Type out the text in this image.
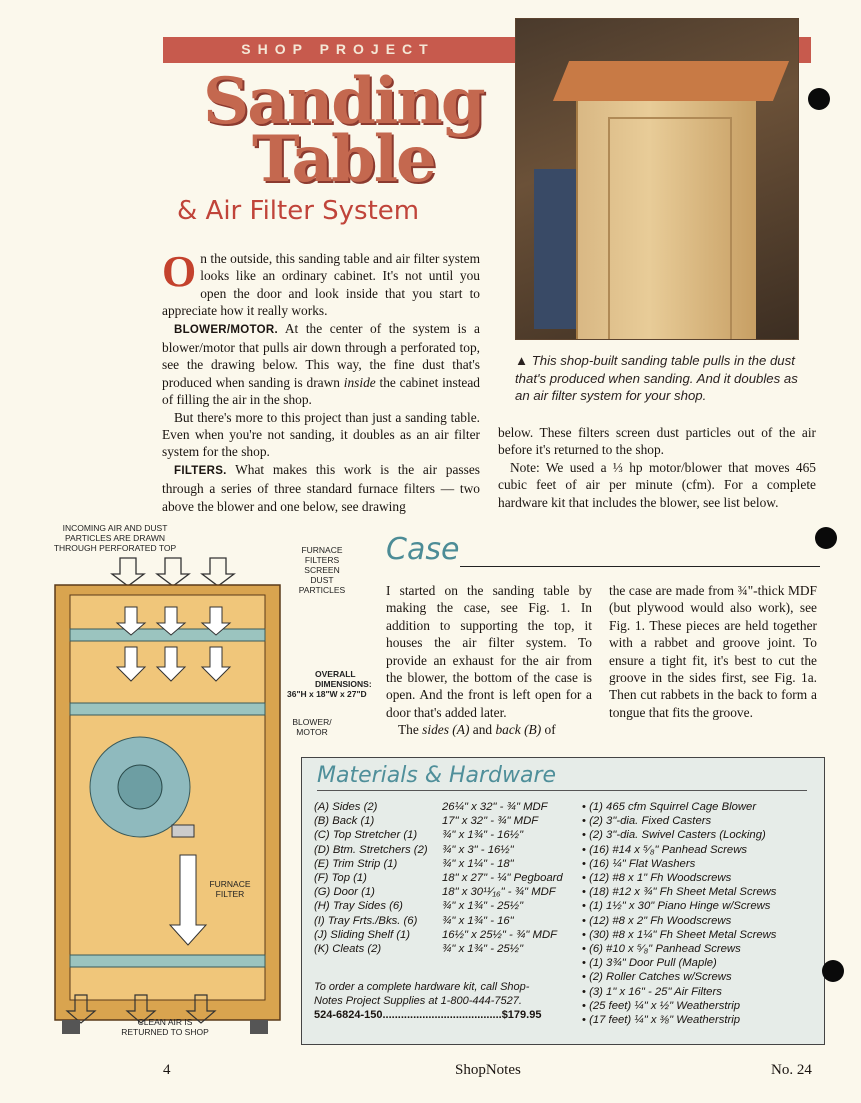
SHOP PROJECT
Sanding
Table
& Air Filter System
▲ This shop-built sanding table pulls in the dust that's produced when sanding. And it doubles as an air filter system for your shop.

On the outside, this sanding table and air filter system looks like an ordinary cabinet. It's not until you open the door and look inside that you start to appreciate how it really works.

BLOWER/MOTOR. At the center of the system is a blower/motor that pulls air down through a perforated top, see the drawing below. This way, the fine dust that's produced when sanding is drawn inside the cabinet instead of filling the air in the shop.

But there's more to this project than just a sanding table. Even when you're not sanding, it doubles as an air filter system for the shop.

FILTERS. What makes this work is the air passes through a series of three standard furnace filters — two above the blower and one below, see drawing

below. These filters screen dust particles out of the air before it's returned to the shop.

Note: We used a ⅓ hp motor/blower that moves 465 cubic feet of air per minute (cfm). For a complete hardware kit that includes the blower, see list below.

INCOMING AIR AND DUST
PARTICLES ARE DRAWN
THROUGH PERFORATED TOP	FURNACE
FILTERS
SCREEN
DUST
PARTICLES
OVERALL
DIMENSIONS:
36"H x 18"W x 27"D
BLOWER/
MOTOR
FURNACE
FILTER
CLEAN AIR IS
RETURNED TO SHOP
Case

I started on the sanding table by making the case, see Fig. 1. In addition to supporting the top, it houses the air filter system. To provide an exhaust for the air from the blower, the bottom of the case is open. And the front is left open for a door that's added later.

The sides (A) and back (B) of

the case are made from ¾"-thick MDF (but plywood would also work), see Fig. 1. These pieces are held together with a rabbet and groove joint. To ensure a tight fit, it's best to cut the groove in the sides first, see Fig. 1a. Then cut rabbets in the back to form a tongue that fits the groove.

Materials & Hardware
(A) Sides (2)	26¼" x 32" - ¾" MDF
(B) Back (1)	17" x 32" - ¾" MDF
(C) Top Stretcher (1) ¾" x 1¾" - 16½"
(D) Btm. Stretchers (2) ¾" x 3" - 16½"
(E) Trim Strip (1)	¾" x 1¼" - 18"
(F) Top (1)	18" x 27" - ¼" Pegboard
(G) Door (1)	18" x 30¹¹⁄₁₆" - ¾" MDF
(H) Tray Sides (6)	¾" x 1¾" - 25½"
(I) Tray Frts./Bks. (6) ¾" x 1¾" - 16"
(J) Sliding Shelf (1)	16½" x 25½" - ¾" MDF
(K) Cleats (2)	¾" x 1¾" - 25½"
To order a complete hardware kit, call Shop-
Notes Project Supplies at 1-800-444-7527.
524-6824-150.......................................$179.95
• (1) 465 cfm Squirrel Cage Blower
• (2) 3"-dia. Fixed Casters
• (2) 3"-dia. Swivel Casters (Locking)
• (16) #14 x ⁵⁄₈" Panhead Screws
• (16) ¼" Flat Washers
• (12) #8 x 1" Fh Woodscrews
• (18) #12 x ¾" Fh Sheet Metal Screws
• (1) 1½" x 30" Piano Hinge w/Screws
• (12) #8 x 2" Fh Woodscrews
• (30) #8 x 1¼" Fh Sheet Metal Screws
• (6) #10 x ⁵⁄₈" Panhead Screws
• (1) 3¾" Door Pull (Maple)
• (2) Roller Catches w/Screws
• (3) 1" x 16" - 25" Air Filters
• (25 feet) ¼" x ½" Weatherstrip
• (17 feet) ¼" x ⅜" Weatherstrip
4	ShopNotes	No. 24
